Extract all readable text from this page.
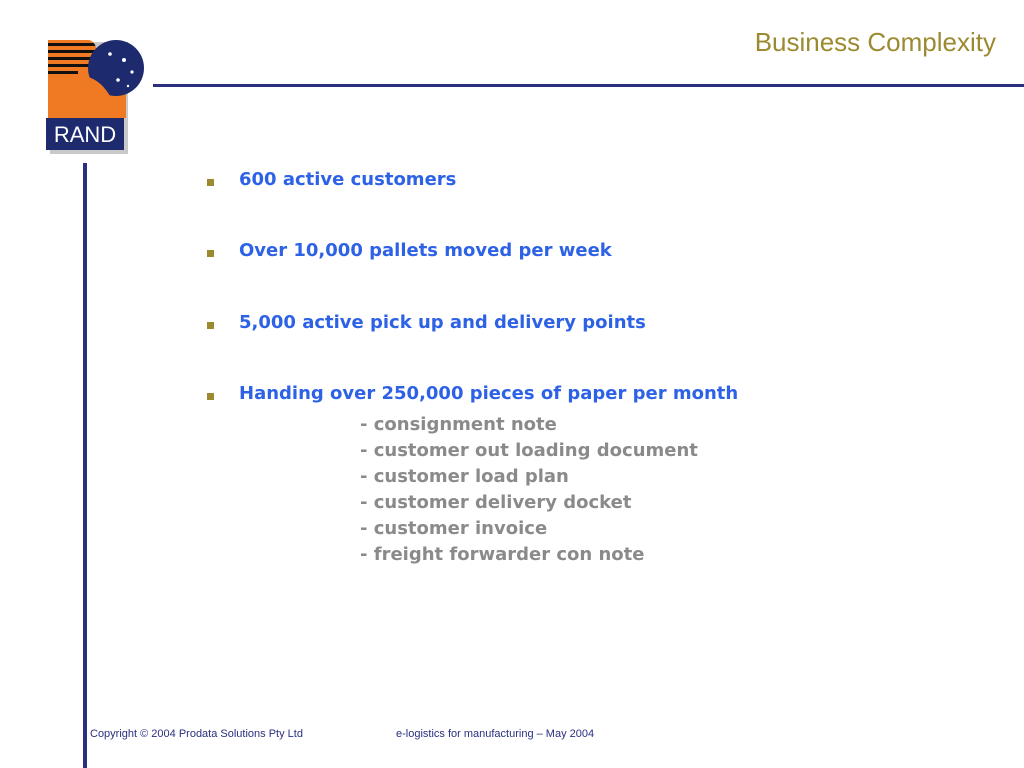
RAND
Business Complexity
600 active customers
Over 10,000 pallets moved per week
5,000 active pick up and delivery points
Handing over 250,000 pieces of paper per month
- consignment note
- customer out loading document
- customer load plan
- customer delivery docket
- customer invoice
- freight forwarder con note
Copyright © 2004 Prodata Solutions Pty Ltd	e-logistics for manufacturing – May 2004
